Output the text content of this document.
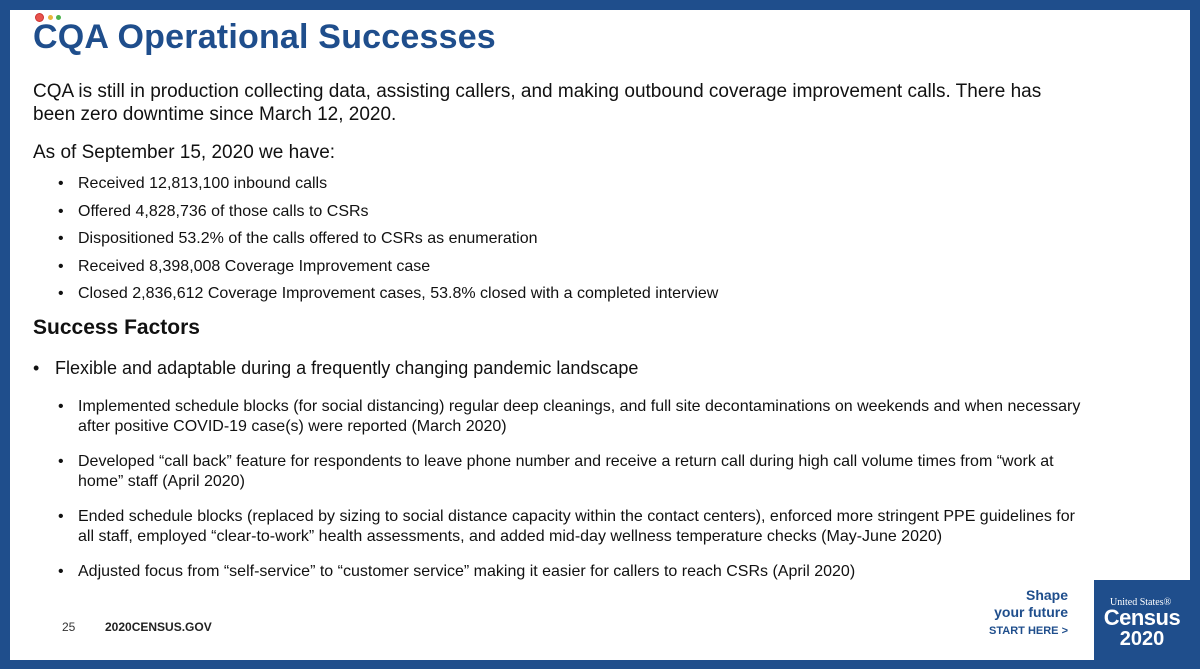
CQA Operational Successes

CQA is still in production collecting data, assisting callers, and making outbound coverage improvement calls. There has been zero downtime since March 12, 2020.

As of September 15, 2020 we have:

• Received 12,813,100 inbound calls
• Offered 4,828,736 of those calls to CSRs
• Dispositioned 53.2% of the calls offered to CSRs as enumeration
• Received 8,398,008 Coverage Improvement case
• Closed 2,836,612 Coverage Improvement cases, 53.8% closed with a completed interview
Success Factors

• Flexible and adaptable during a frequently changing pandemic landscape

• Implemented schedule blocks (for social distancing) regular deep cleanings, and full site decontaminations on weekends and when necessary after positive COVID-19 case(s) were reported (March 2020)
• Developed “call back” feature for respondents to leave phone number and receive a return call during high call volume times from “work at home” staff (April 2020)
• Ended schedule blocks (replaced by sizing to social distance capacity within the contact centers), enforced more stringent PPE guidelines for all staff, employed “clear-to-work” health assessments, and added mid-day wellness temperature checks (May-June 2020)
• Adjusted focus from “self-service” to “customer service” making it easier for callers to reach CSRs (April 2020)
25 2020CENSUS.GOV
Shape
your future
START HERE >
United States®
Census
2020
